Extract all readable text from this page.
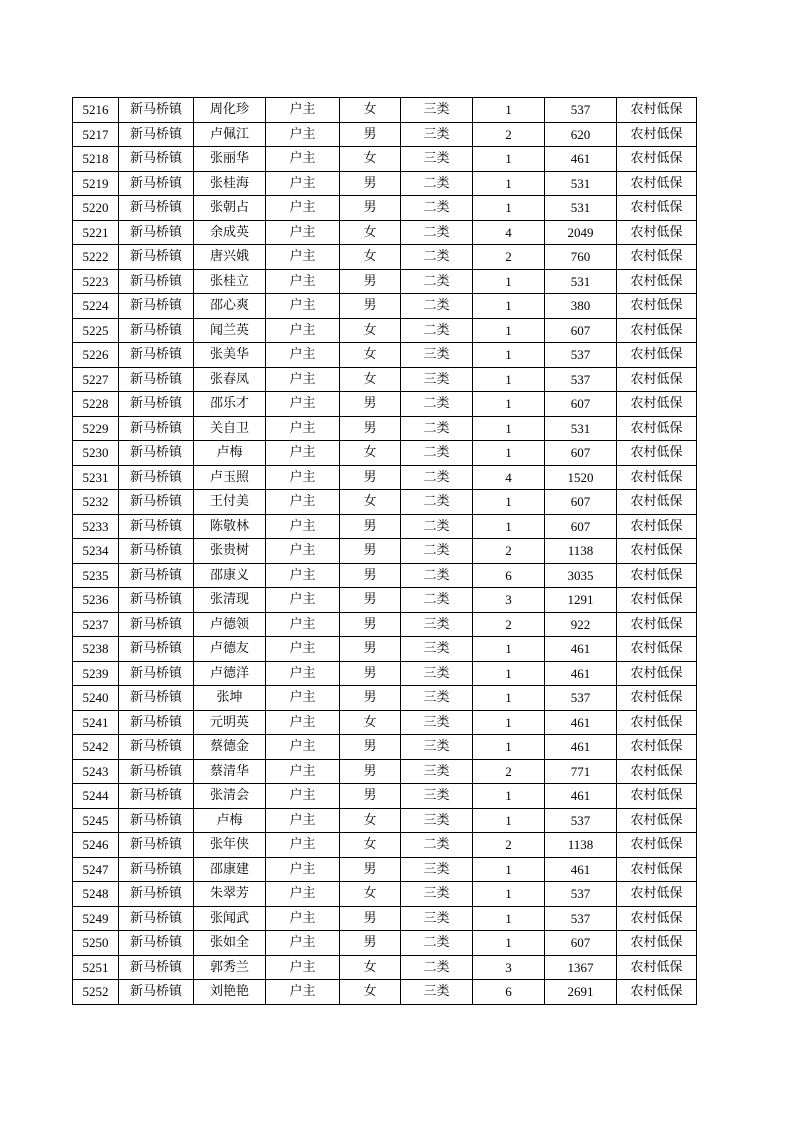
5216	新马桥镇	周化珍	户主	女	三类	1	537	农村低保
5217	新马桥镇	卢佩江	户主	男	三类	2	620	农村低保
5218	新马桥镇	张丽华	户主	女	三类	1	461	农村低保
5219	新马桥镇	张桂海	户主	男	二类	1	531	农村低保
5220	新马桥镇	张朝占	户主	男	二类	1	531	农村低保
5221	新马桥镇	余成英	户主	女	二类	4	2049	农村低保
5222	新马桥镇	唐兴娥	户主	女	二类	2	760	农村低保
5223	新马桥镇	张桂立	户主	男	二类	1	531	农村低保
5224	新马桥镇	邵心爽	户主	男	二类	1	380	农村低保
5225	新马桥镇	闻兰英	户主	女	二类	1	607	农村低保
5226	新马桥镇	张美华	户主	女	三类	1	537	农村低保
5227	新马桥镇	张春凤	户主	女	三类	1	537	农村低保
5228	新马桥镇	邵乐才	户主	男	二类	1	607	农村低保
5229	新马桥镇	关自卫	户主	男	二类	1	531	农村低保
5230	新马桥镇	卢梅	户主	女	二类	1	607	农村低保
5231	新马桥镇	卢玉照	户主	男	二类	4	1520	农村低保
5232	新马桥镇	王付美	户主	女	二类	1	607	农村低保
5233	新马桥镇	陈敬林	户主	男	二类	1	607	农村低保
5234	新马桥镇	张贵树	户主	男	二类	2	1138	农村低保
5235	新马桥镇	邵康义	户主	男	二类	6	3035	农村低保
5236	新马桥镇	张清现	户主	男	二类	3	1291	农村低保
5237	新马桥镇	卢德领	户主	男	三类	2	922	农村低保
5238	新马桥镇	卢德友	户主	男	三类	1	461	农村低保
5239	新马桥镇	卢德洋	户主	男	三类	1	461	农村低保
5240	新马桥镇	张坤	户主	男	三类	1	537	农村低保
5241	新马桥镇	元明英	户主	女	三类	1	461	农村低保
5242	新马桥镇	蔡德金	户主	男	三类	1	461	农村低保
5243	新马桥镇	蔡清华	户主	男	三类	2	771	农村低保
5244	新马桥镇	张清会	户主	男	三类	1	461	农村低保
5245	新马桥镇	卢梅	户主	女	三类	1	537	农村低保
5246	新马桥镇	张年侠	户主	女	二类	2	1138	农村低保
5247	新马桥镇	邵康建	户主	男	三类	1	461	农村低保
5248	新马桥镇	朱翠芳	户主	女	三类	1	537	农村低保
5249	新马桥镇	张闻武	户主	男	三类	1	537	农村低保
5250	新马桥镇	张如全	户主	男	二类	1	607	农村低保
5251	新马桥镇	郭秀兰	户主	女	二类	3	1367	农村低保
5252	新马桥镇	刘艳艳	户主	女	三类	6	2691	农村低保
